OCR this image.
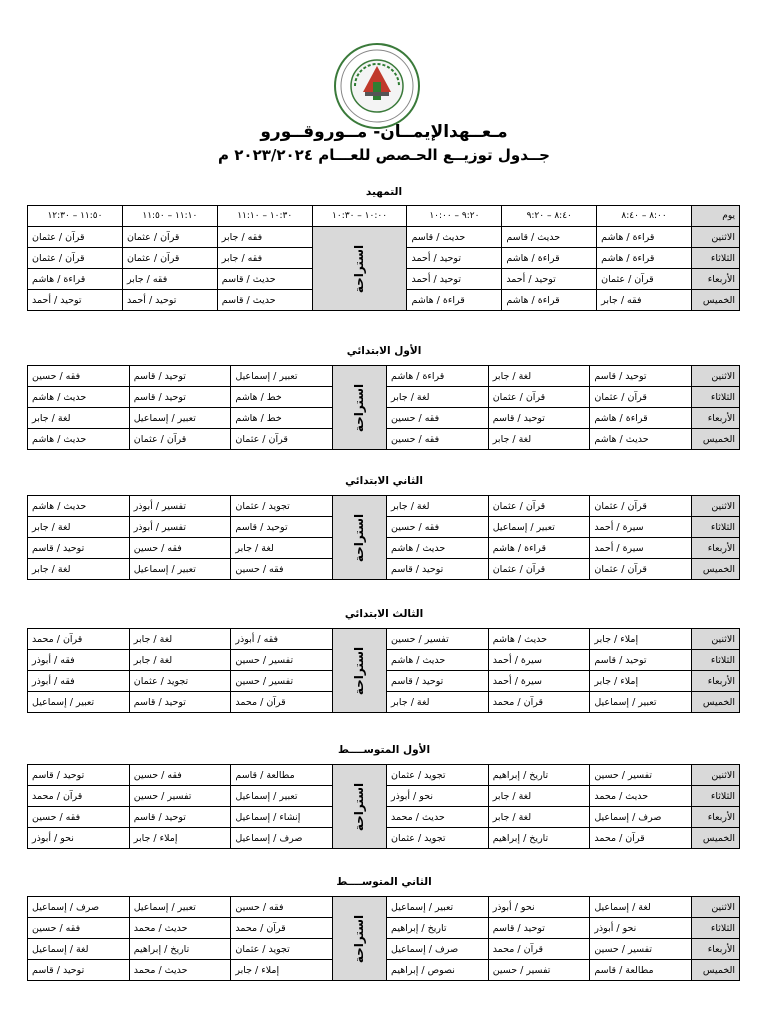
مـعــهدالإيمــان- مــوروقــورو
جــدول توزيــع الحـصص للعـــام ٢٠٢٣/٢٠٢٤ م
التمهيد
يوم	٨:٠٠ – ٨:٤٠	٨:٤٠ – ٩:٢٠	٩:٢٠ – ١٠:٠٠	١٠:٠٠ – ١٠:٣٠	١٠:٣٠ – ١١:١٠	١١:١٠ – ١١:٥٠	١١:٥٠ – ١٢:٣٠
الاثنين	قراءة / هاشم	حديث / قاسم	حديث / قاسم	استراحة	فقه / جابر	قرآن / عثمان	قرآن / عثمان
الثلاثاء	قراءة / هاشم	قراءة / هاشم	توحيد / أحمد		فقه / جابر	قرآن / عثمان	قرآن / عثمان
الأربعاء	قرآن / عثمان	توحيد / أحمد	توحيد / أحمد		حديث / قاسم	فقه / جابر	قراءة / هاشم
الخميس	فقه / جابر	قراءة / هاشم	قراءة / هاشم		حديث / قاسم	توحيد / أحمد	توحيد / أحمد
الأول الابتدائي
الاثنين	توحيد / قاسم	لغة / جابر	قراءة / هاشم	استراحة	تعبير / إسماعيل	توحيد / قاسم	فقه / حسين
الثلاثاء	قرآن / عثمان	قرآن / عثمان	لغة / جابر		خط / هاشم	توحيد / قاسم	حديث / هاشم
الأربعاء	قراءة / هاشم	توحيد / قاسم	فقه / حسين		خط / هاشم	تعبير / إسماعيل	لغة / جابر
الخميس	حديث / هاشم	لغة / جابر	فقه / حسين		قرآن / عثمان	قرآن / عثمان	حديث / هاشم
الثاني الابتدائي
الاثنين	قرآن / عثمان	قرآن / عثمان	لغة / جابر	استراحة	تجويد / عثمان	تفسير / أبوذر	حديث / هاشم
الثلاثاء	سيرة / أحمد	تعبير / إسماعيل	فقه / حسين		توحيد / قاسم	تفسير / أبوذر	لغة / جابر
الأربعاء	سيرة / أحمد	قراءة / هاشم	حديث / هاشم		لغة / جابر	فقه / حسين	توحيد / قاسم
الخميس	قرآن / عثمان	قرآن / عثمان	توحيد / قاسم		فقه / حسين	تعبير / إسماعيل	لغة / جابر
الثالث الابتدائي
الاثنين	إملاء / جابر	حديث / هاشم	تفسير / حسين	استراحة	فقه / أبوذر	لغة / جابر	قرآن / محمد
الثلاثاء	توحيد / قاسم	سيرة / أحمد	حديث / هاشم		تفسير / حسين	لغة / جابر	فقه / أبوذر
الأربعاء	إملاء / جابر	سيرة / أحمد	توحيد / قاسم		تفسير / حسين	تجويد / عثمان	فقه / أبوذر
الخميس	تعبير / إسماعيل	قرآن / محمد	لغة / جابر		قرآن / محمد	توحيد / قاسم	تعبير / إسماعيل
الأول المتوســــط
الاثنين	تفسير / حسين	تاريخ / إبراهيم	تجويد / عثمان	استراحة	مطالعة / قاسم	فقه / حسين	توحيد / قاسم
الثلاثاء	حديث / محمد	لغة / جابر	نحو / أبوذر		تعبير / إسماعيل	تفسير / حسين	قرآن / محمد
الأربعاء	صرف / إسماعيل	لغة / جابر	حديث / محمد		إنشاء / إسماعيل	توحيد / قاسم	فقه / حسين
الخميس	قرآن / محمد	تاريخ / إبراهيم	تجويد / عثمان		صرف / إسماعيل	إملاء / جابر	نحو / أبوذر
الثاني المتوســــط
الاثنين	لغة / إسماعيل	نحو / أبوذر	تعبير / إسماعيل	استراحة	فقه / حسين	تعبير / إسماعيل	صرف / إسماعيل
الثلاثاء	نحو / أبوذر	توحيد / قاسم	تاريخ / إبراهيم		قرآن / محمد	حديث / محمد	فقه / حسين
الأربعاء	تفسير / حسين	قرآن / محمد	صرف / إسماعيل		تجويد / عثمان	تاريخ / إبراهيم	لغة / إسماعيل
الخميس	مطالعة / قاسم	تفسير / حسين	نصوص / إبراهيم		إملاء / جابر	حديث / محمد	توحيد / قاسم
